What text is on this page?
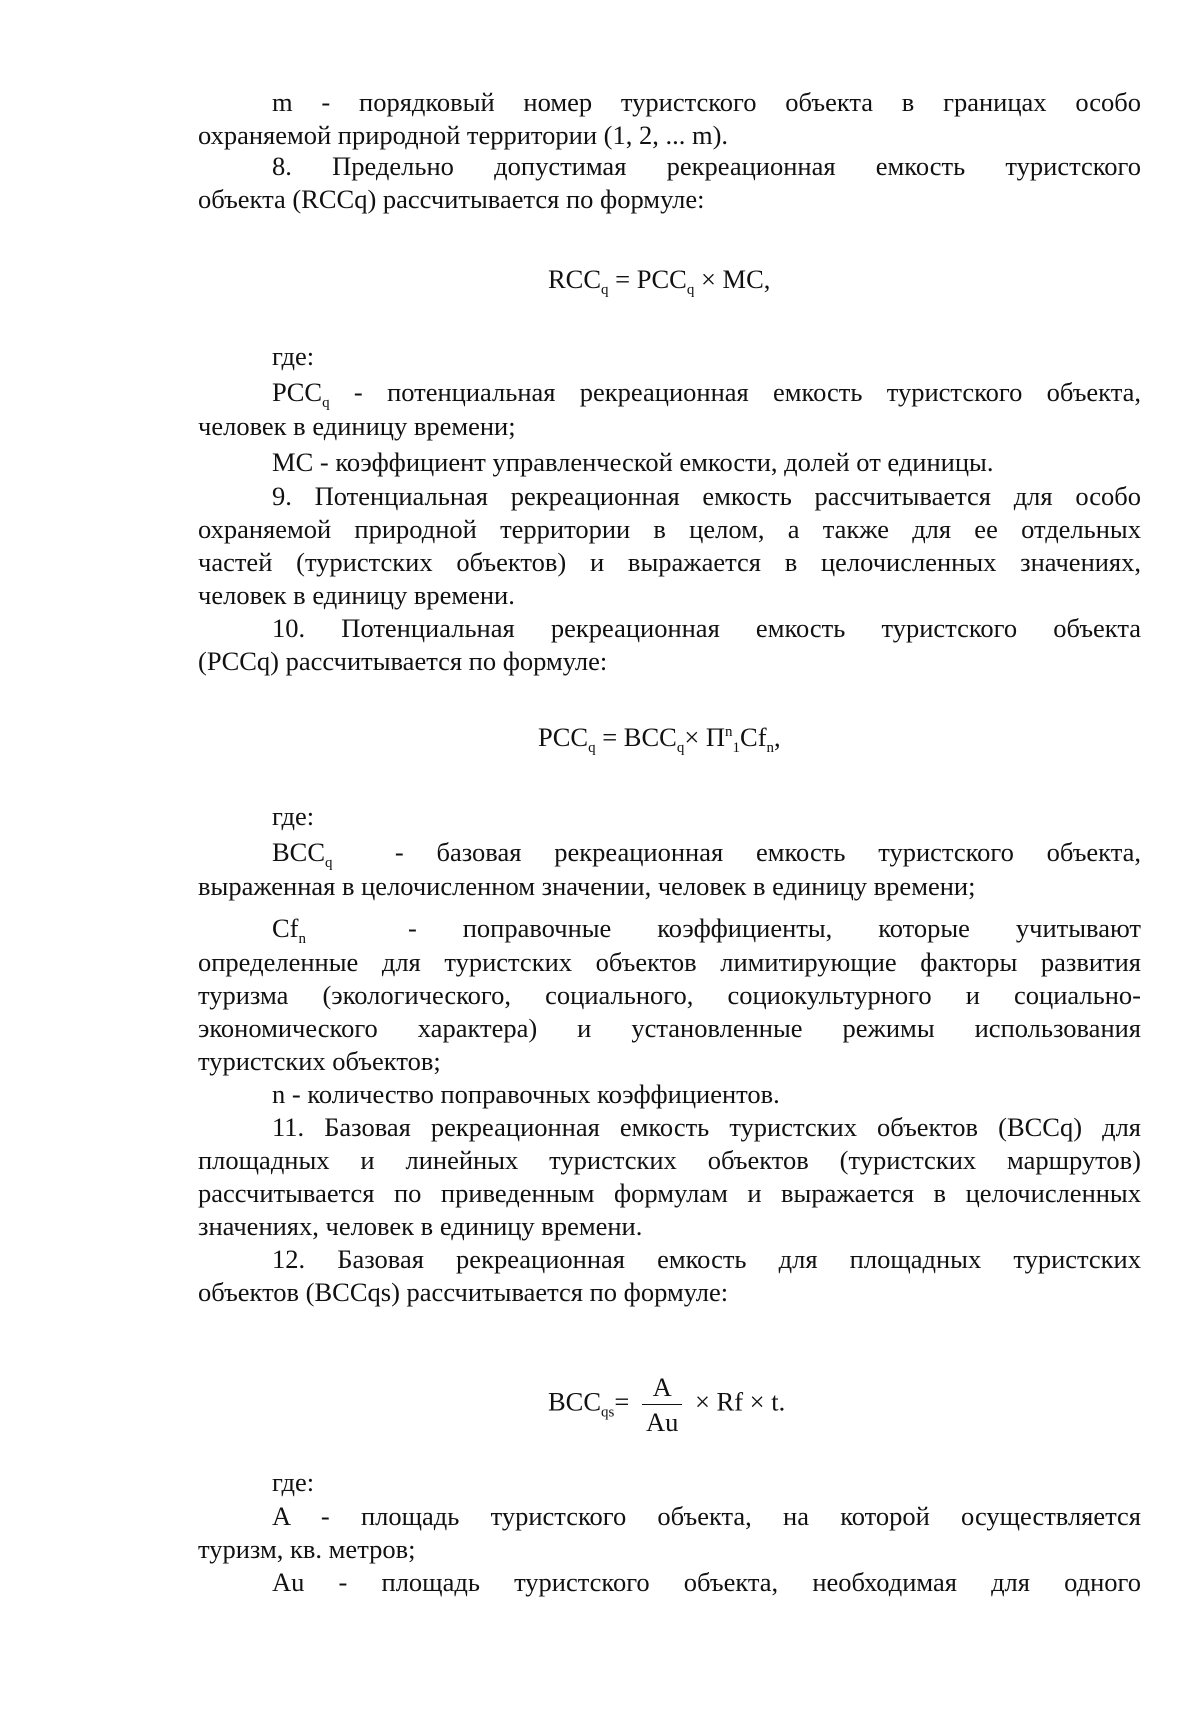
m - порядковый номер туристского объекта в границах особо
охраняемой природной территории (1, 2, ... m).
8. Предельно допустимая рекреационная емкость туристского
объекта (RCCq) рассчитывается по формуле:
$RCC_q = PCC_q$ × MC,
где:
$PCC_q$ - потенциальная рекреационная емкость туристского объекта,
человек в единицу времени;
MC - коэффициент управленческой емкости, долей от единицы.
9. Потенциальная рекреационная емкость рассчитывается для особо
охраняемой природной территории в целом, а также для ее отдельных
частей (туристских объектов) и выражается в целочисленных значениях,
человек в единицу времени.
10. Потенциальная рекреационная емкость туристского объекта
(PCCq) рассчитывается по формуле:
$PCC_q = BCC_q\times П^n_1Cf_n$,
где:
$BCC_q$ - базовая рекреационная емкость туристского объекта,
выраженная в целочисленном значении, человек в единицу времени;
$Cf_n$	- поправочные коэффициенты, которые учитывают
определенные для туристских объектов лимитирующие факторы развития
туризма (экологического, социального, социокультурного и социально-
экономического характера) и установленные режимы использования
туристских объектов;
n - количество поправочных коэффициентов.
11. Базовая рекреационная емкость туристских объектов (BCCq) для
площадных и линейных туристских объектов (туристских маршрутов)
рассчитывается по приведенным формулам и выражается в целочисленных
значениях, человек в единицу времени.
12. Базовая рекреационная емкость для площадных туристских
объектов (BCCqs) рассчитывается по формуле:
$BCC_{qs}= \frac{A}{Au} \times Rf \times t$.
где:
A - площадь туристского объекта, на которой осуществляется
туризм, кв. метров;
Au - площадь туристского объекта, необходимая для одного
